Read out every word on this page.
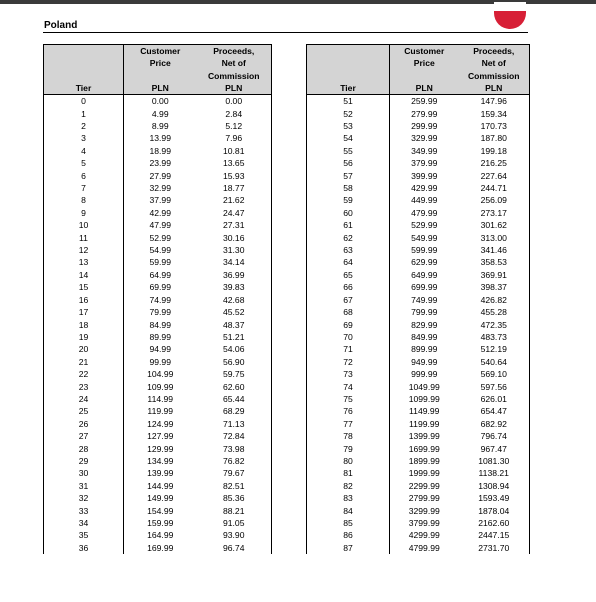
Poland
	Customer	Proceeds,
	Price	Net of
		Commission
Tier	PLN	PLN
0	0.00	0.00
1	4.99	2.84
2	8.99	5.12
3	13.99	7.96
4	18.99	10.81
5	23.99	13.65
6	27.99	15.93
7	32.99	18.77
8	37.99	21.62
9	42.99	24.47
10	47.99	27.31
11	52.99	30.16
12	54.99	31.30
13	59.99	34.14
14	64.99	36.99
15	69.99	39.83
16	74.99	42.68
17	79.99	45.52
18	84.99	48.37
19	89.99	51.21
20	94.99	54.06
21	99.99	56.90
22	104.99	59.75
23	109.99	62.60
24	114.99	65.44
25	119.99	68.29
26	124.99	71.13
27	127.99	72.84
28	129.99	73.98
29	134.99	76.82
30	139.99	79.67
31	144.99	82.51
32	149.99	85.36
33	154.99	88.21
34	159.99	91.05
35	164.99	93.90
36	169.99	96.74
	Customer	Proceeds,
	Price	Net of
		Commission
Tier	PLN	PLN
51	259.99	147.96
52	279.99	159.34
53	299.99	170.73
54	329.99	187.80
55	349.99	199.18
56	379.99	216.25
57	399.99	227.64
58	429.99	244.71
59	449.99	256.09
60	479.99	273.17
61	529.99	301.62
62	549.99	313.00
63	599.99	341.46
64	629.99	358.53
65	649.99	369.91
66	699.99	398.37
67	749.99	426.82
68	799.99	455.28
69	829.99	472.35
70	849.99	483.73
71	899.99	512.19
72	949.99	540.64
73	999.99	569.10
74	1049.99	597.56
75	1099.99	626.01
76	1149.99	654.47
77	1199.99	682.92
78	1399.99	796.74
79	1699.99	967.47
80	1899.99	1081.30
81	1999.99	1138.21
82	2299.99	1308.94
83	2799.99	1593.49
84	3299.99	1878.04
85	3799.99	2162.60
86	4299.99	2447.15
87	4799.99	2731.70
